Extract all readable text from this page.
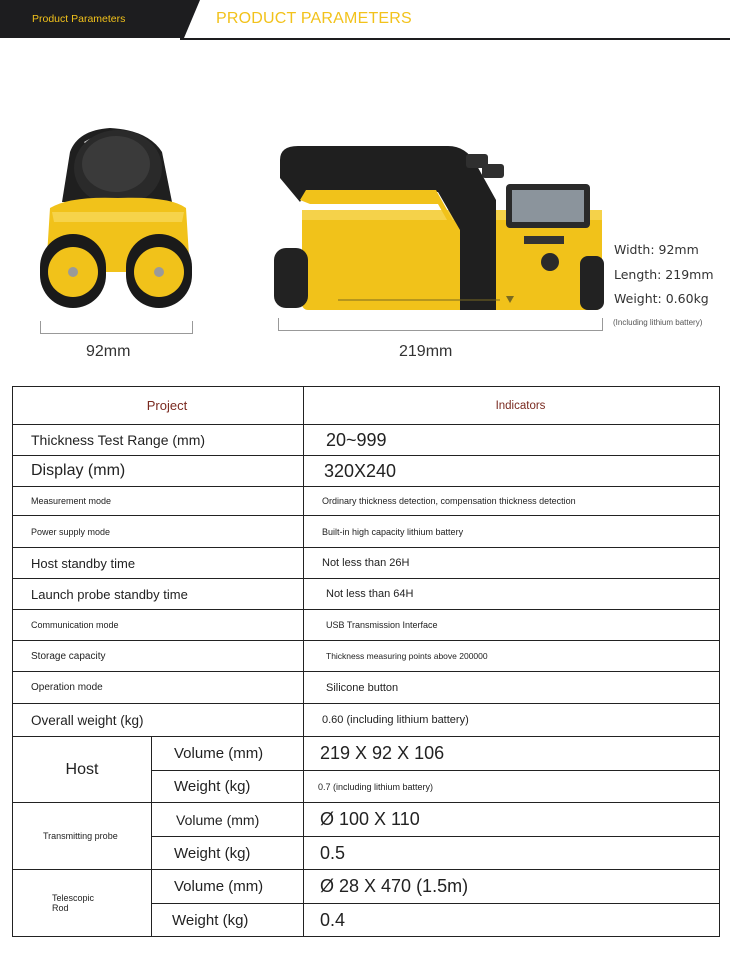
Product Parameters	PRODUCT PARAMETERS
92mm	219mm
Width: 92mm
Length: 219mm
Weight: 0.60kg
(Including lithium battery)
Project		Indicators
Thickness Test Range (mm)		20~999
Display (mm)		320X240
Measurement mode		Ordinary thickness detection, compensation thickness detection
Power supply mode		Built-in high capacity lithium battery
Host standby time		Not less than 26H
Launch probe standby time		Not less than 64H
Communication mode		USB Transmission Interface
Storage capacity		Thickness measuring points above 200000
Operation mode		Silicone button
Overall weight (kg)		0.60 (including lithium battery)
Host	Volume (mm)	219 X 92 X 106
	Weight (kg)	0.7 (including lithium battery)
Transmitting probe	Volume (mm)	Ø 100 X 110
	Weight (kg)	0.5
Telescopic Rod	Volume (mm)	Ø 28 X 470 (1.5m)
	Weight (kg)	0.4
